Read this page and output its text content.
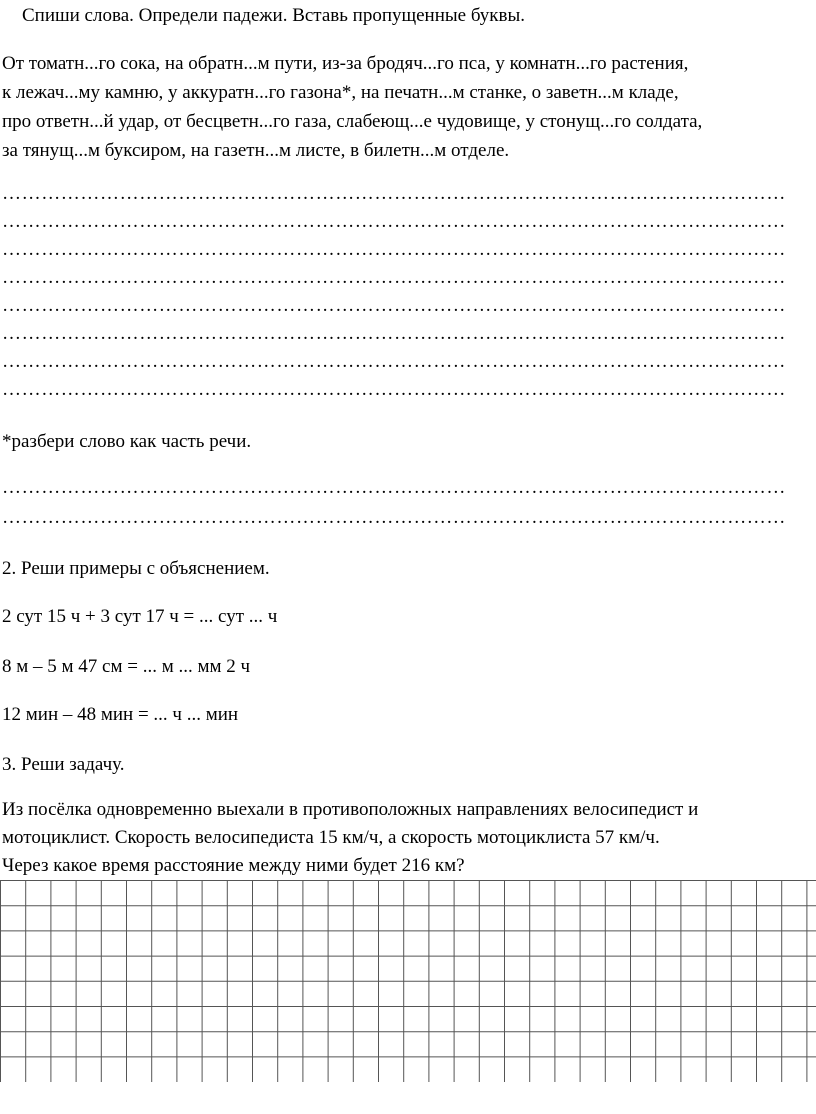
Спиши слова. Определи падежи. Вставь пропущенные буквы.
От томатн...го сока, на обратн...м пути, из-за бродяч...го пса, у комнатн...го растения,
к лежач...му камню, у аккуратн...го газона*, на печатн...м станке, о заветн...м кладе,
про ответн...й удар, от бесцветн...го газа, слабеющ...е чудовище, у стонущ...го солдата,
за тянущ...м буксиром, на газетн...м листе, в билетн...м отделе.
…………………………………………………………………………………………………………
…………………………………………………………………………………………………………
…………………………………………………………………………………………………………
…………………………………………………………………………………………………………
…………………………………………………………………………………………………………
…………………………………………………………………………………………………………
…………………………………………………………………………………………………………
…………………………………………………………………………………………………………
*разбери слово как часть речи.
…………………………………………………………………………………………………………
…………………………………………………………………………………………………………
2. Реши примеры с объяснением.
2 сут 15 ч + 3 сут 17 ч = ... сут ... ч
8 м – 5 м 47 см = ... м ... мм 2 ч
12 мин – 48 мин = ... ч ... мин
3. Реши задачу.
Из посёлка одновременно выехали в противоположных направлениях велосипедист и
мотоциклист. Скорость велосипедиста 15 км/ч, а скорость мотоциклиста 57 км/ч.
Через какое время расстояние между ними будет 216 км?
